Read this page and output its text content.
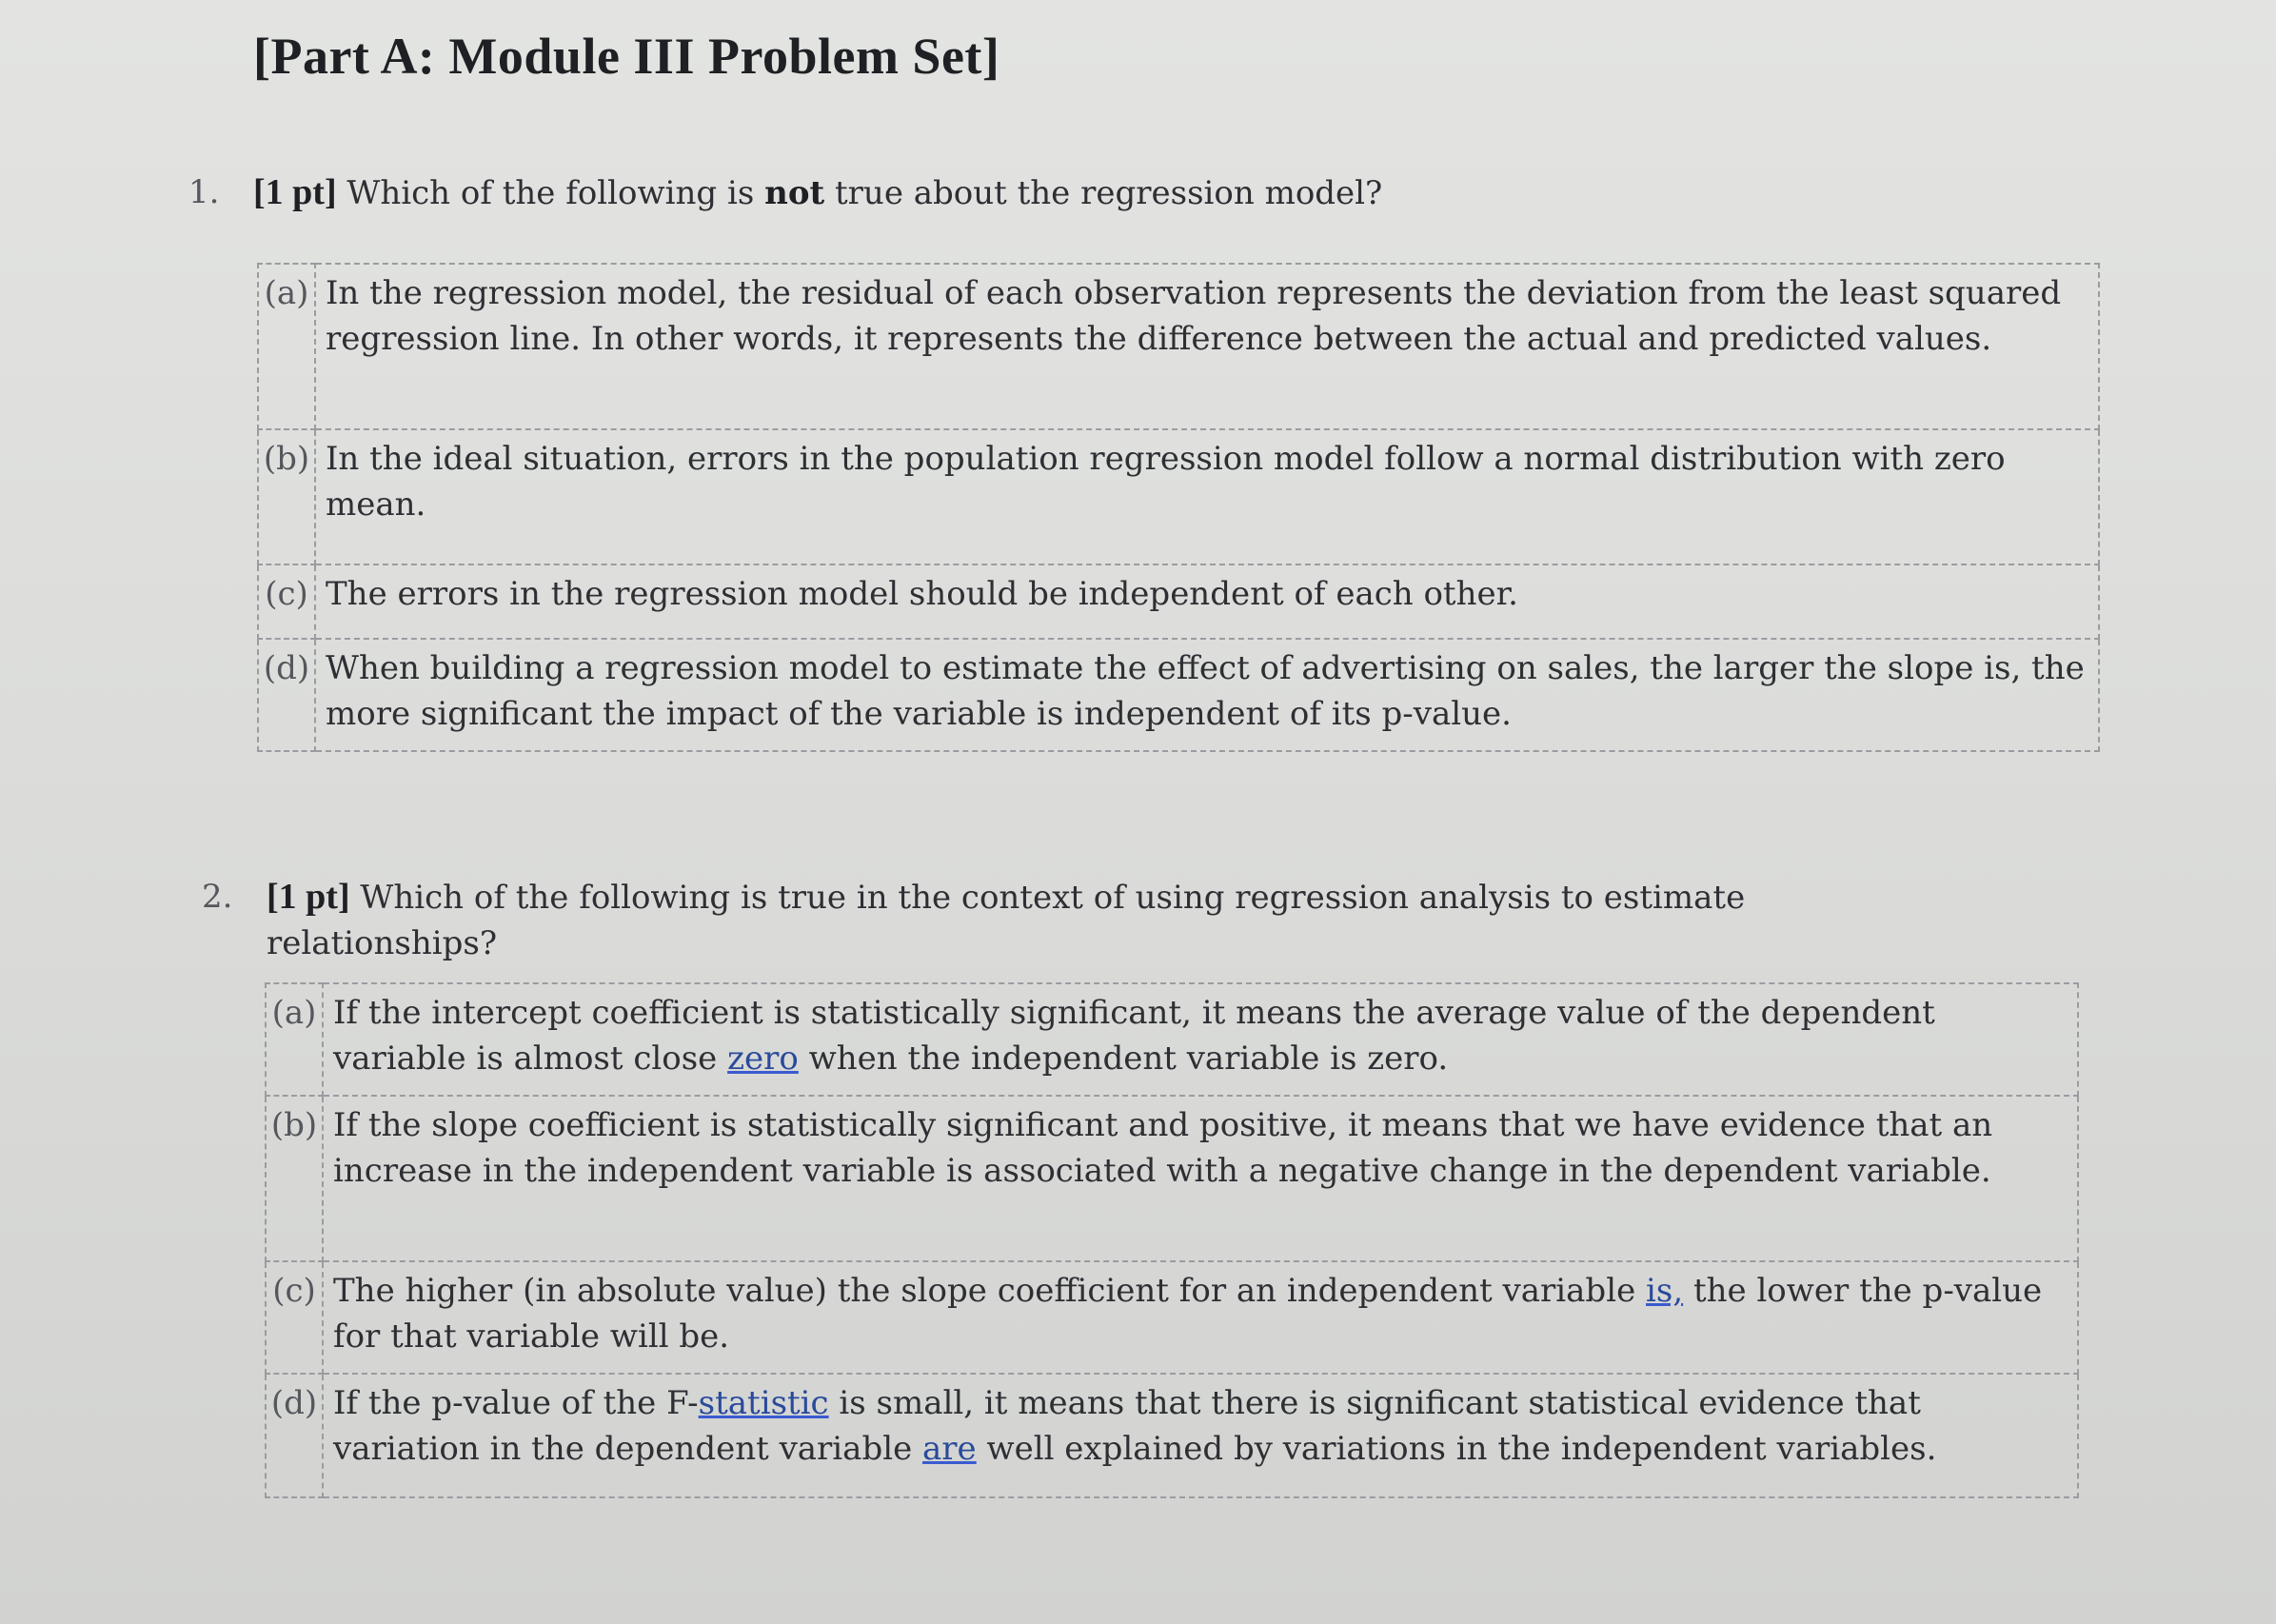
[Part A: Module III Problem Set]
1. [1 pt] Which of the following is not true about the regression model?
(a)	In the regression model, the residual of each observation represents the deviation from the least squared regression line. In other words, it represents the difference between the actual and predicted values.
(b)	In the ideal situation, errors in the population regression model follow a normal distribution with zero mean.
(c)	The errors in the regression model should be independent of each other.
(d)	When building a regression model to estimate the effect of advertising on sales, the larger the slope is, the more significant the impact of the variable is independent of its p-value.
2. [1 pt] Which of the following is true in the context of using regression analysis to estimate relationships?
(a)	If the intercept coefficient is statistically significant, it means the average value of the dependent variable is almost close zero when the independent variable is zero.
(b)	If the slope coefficient is statistically significant and positive, it means that we have evidence that an increase in the independent variable is associated with a negative change in the dependent variable.
(c)	The higher (in absolute value) the slope coefficient for an independent variable is, the lower the p-value for that variable will be.
(d)	If the p-value of the F-statistic is small, it means that there is significant statistical evidence that variation in the dependent variable are well explained by variations in the independent variables.
